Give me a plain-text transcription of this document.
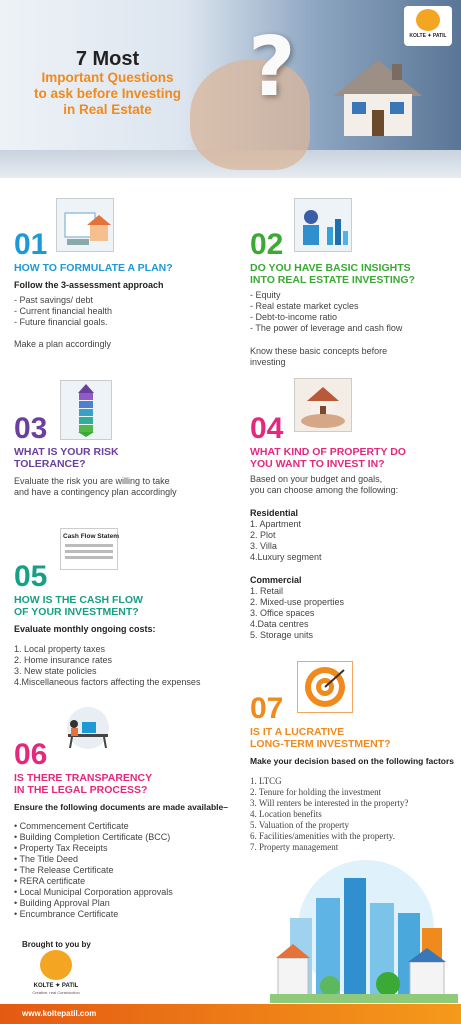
?
7 Most
Important Questions
to ask before Investing
in Real Estate
KOLTE ✦ PATIL
01
HOW TO FORMULATE A PLAN?
Follow the 3-assessment approach
- Past savings/ debt
- Current financial health
- Future financial goals.
Make a plan accordingly
02
DO YOU HAVE BASIC INSIGHTS
INTO REAL ESTATE INVESTING?
- Equity
- Real estate market cycles
- Debt-to-income ratio
- The power of leverage and cash flow
Know these basic concepts before
investing
03
WHAT IS YOUR RISK
TOLERANCE?
Evaluate the risk you are willing to take
and have a contingency plan accordingly
04
WHAT KIND OF PROPERTY DO
YOU WANT TO INVEST IN?
Based on your budget and goals,
you can choose among the following:
Residential
1. Apartment
2. Plot
3. Villa
4.Luxury segment
Commercial
1. Retail
2. Mixed-use properties
3. Office spaces
4.Data centres
5. Storage units
Cash Flow Statem
05
HOW IS THE CASH FLOW
OF YOUR INVESTMENT?
Evaluate monthly ongoing costs:
1. Local property taxes
2. Home insurance rates
3. New state policies
4.Miscellaneous factors affecting the expenses
06
IS THERE TRANSPARENCY
IN THE LEGAL PROCESS?
Ensure the following documents are made available–
• Commencement Certificate
• Building Completion Certificate (BCC)
• Property Tax Receipts
• The Title Deed
• The Release Certificate
• RERA certificate
• Local Municipal Corporation approvals
• Building Approval Plan
• Encumbrance Certificate
07
IS IT A LUCRATIVE
LONG-TERM INVESTMENT?
Make your decision based on the following factors
1. LTCG
2. Tenure for holding the investment
3. Will renters be interested in the property?
4. Location benefits
5. Valuation of the property
6. Facilities/amenities with the property.
7. Property management
Brought to you by
KOLTE ✦ PATIL
Creative. real Construction
www.koltepatil.com
